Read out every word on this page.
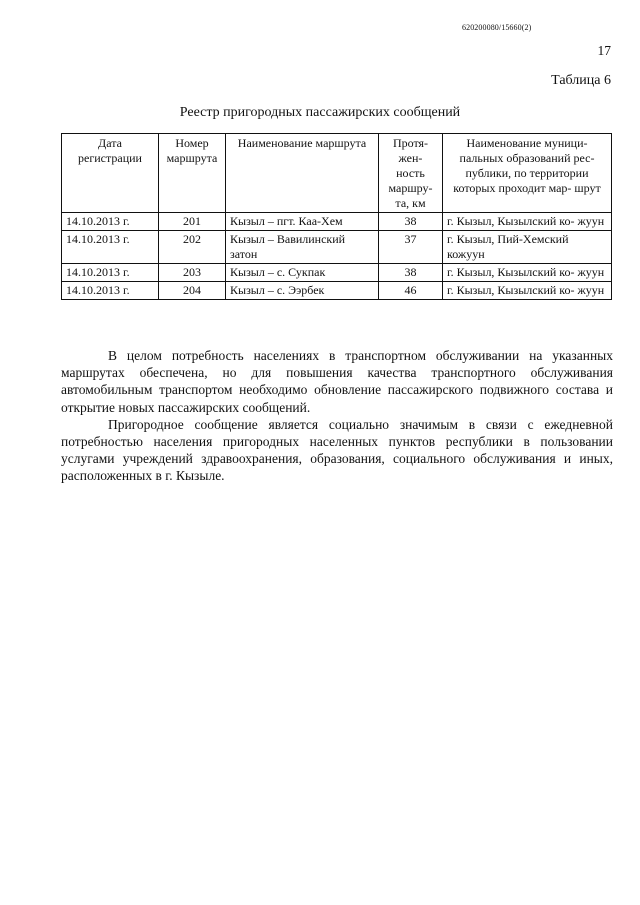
620200080/15660(2)
17
Таблица 6
Реестр пригородных пассажирских сообщений
Дата регистрации	Номер маршрута	Наименование маршрута	Протя- жен- ность маршру- та, км	Наименование муници- пальных образований рес- публики, по территории которых проходит мар- шрут
14.10.2013 г.	201	Кызыл – пгт. Каа-Хем	38	г. Кызыл, Кызылский ко- жуун
14.10.2013 г.	202	Кызыл – Вавилинский затон	37	г. Кызыл, Пий-Хемский кожуун
14.10.2013 г.	203	Кызыл – с. Сукпак	38	г. Кызыл, Кызылский ко- жуун
14.10.2013 г.	204	Кызыл – с. Ээрбек	46	г. Кызыл, Кызылский ко- жуун

В целом потребность населениях в транспортном обслуживании на указанных маршрутах обеспечена, но для повышения качества транспортного обслуживания автомобильным транспортом необходимо обновление пассажирского подвижного состава и открытие новых пассажирских сообщений.

Пригородное сообщение является социально значимым в связи с ежедневной потребностью населения пригородных населенных пунктов республики в пользовании услугами учреждений здравоохранения, образования, социального обслуживания и иных, расположенных в г. Кызыле.
